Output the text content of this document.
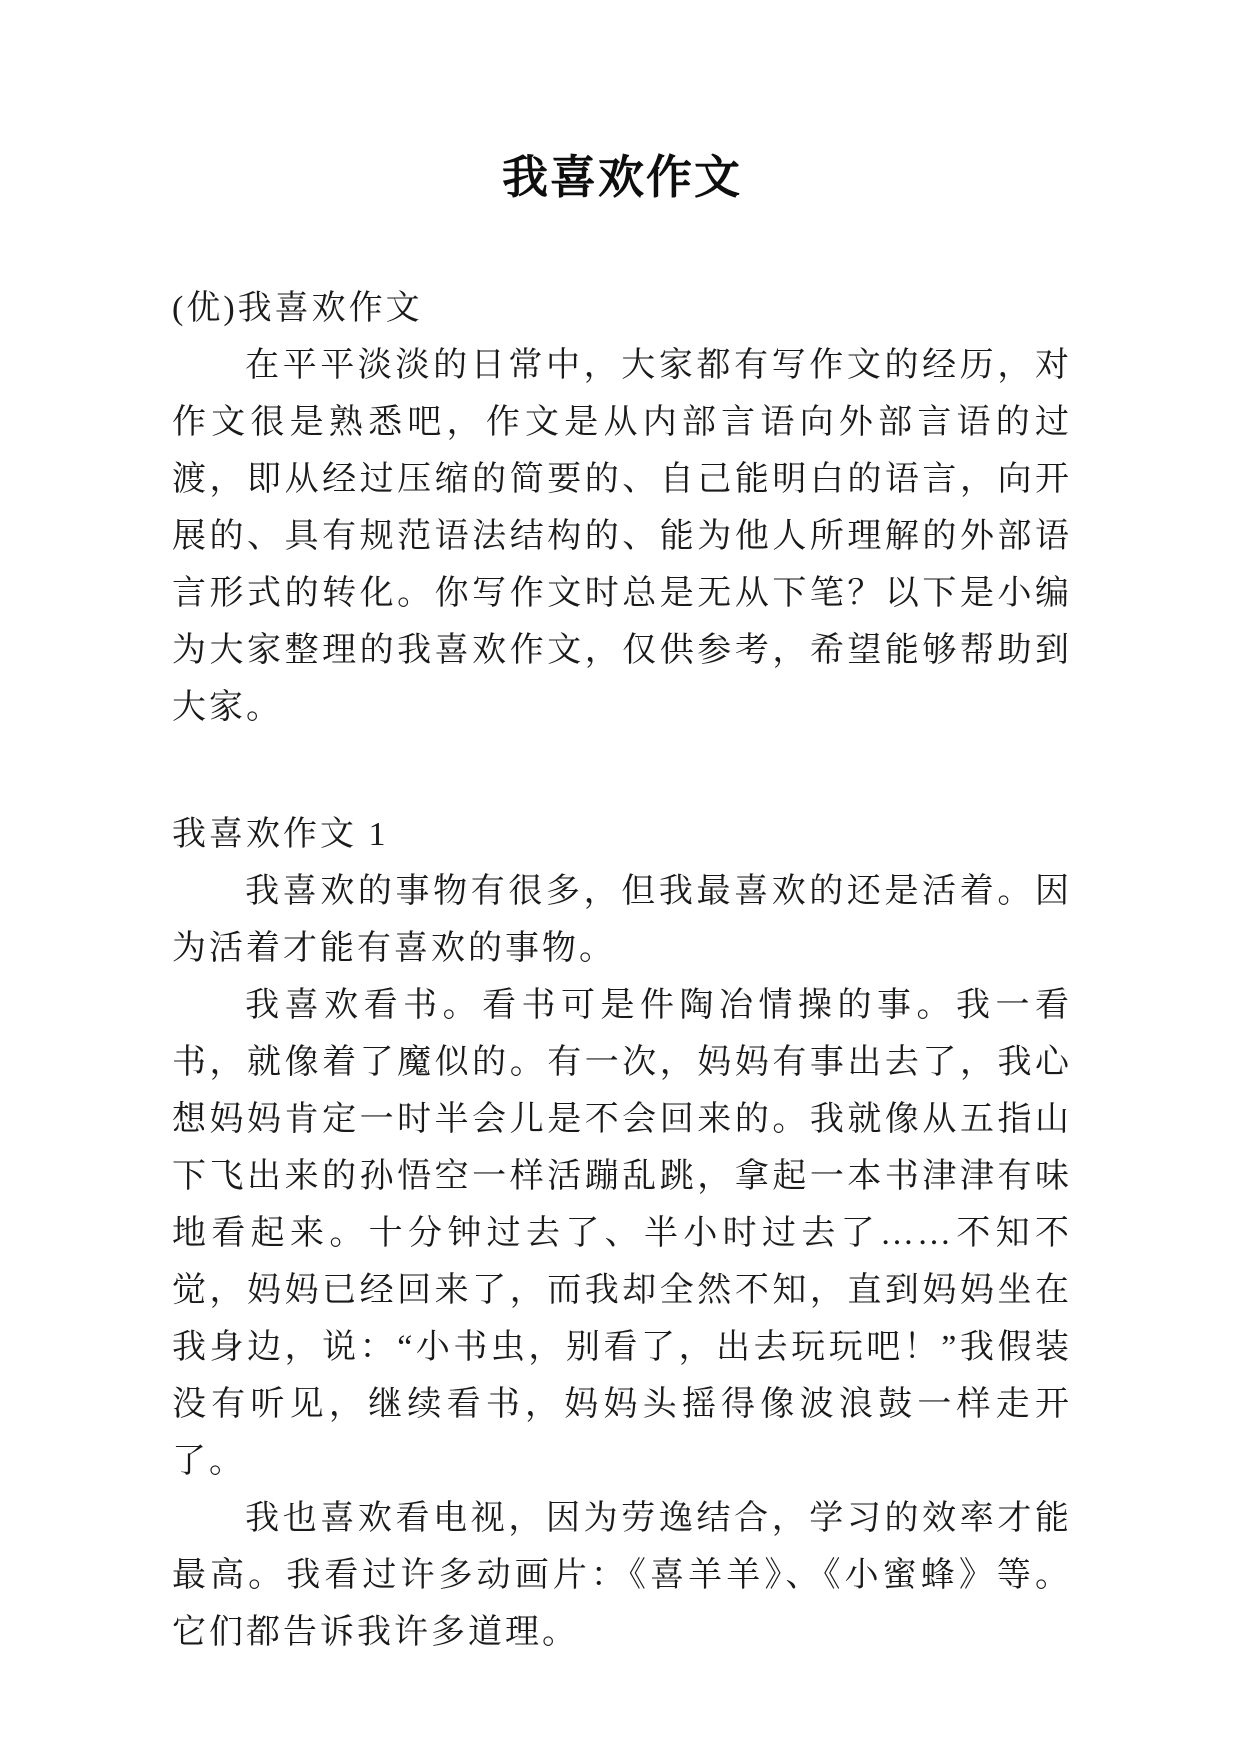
我喜欢作文

(优)我喜欢作文

在平平淡淡的日常中，大家都有写作文的经历，对作文很是熟悉吧，作文是从内部言语向外部言语的过渡，即从经过压缩的简要的、自己能明白的语言，向开展的、具有规范语法结构的、能为他人所理解的外部语言形式的转化。你写作文时总是无从下笔？以下是小编为大家整理的我喜欢作文，仅供参考，希望能够帮助到大家。

我喜欢作文 1

我喜欢的事物有很多，但我最喜欢的还是活着。因为活着才能有喜欢的事物。

我喜欢看书。看书可是件陶冶情操的事。我一看书，就像着了魔似的。有一次，妈妈有事出去了，我心想妈妈肯定一时半会儿是不会回来的。我就像从五指山下飞出来的孙悟空一样活蹦乱跳，拿起一本书津津有味地看起来。十分钟过去了、半小时过去了……不知不觉，妈妈已经回来了，而我却全然不知，直到妈妈坐在我身边，说：“小书虫，别看了，出去玩玩吧！”我假装没有听见，继续看书，妈妈头摇得像波浪鼓一样走开了。

我也喜欢看电视，因为劳逸结合，学习的效率才能最高。我看过许多动画片：《喜羊羊》、《小蜜蜂》等。它们都告诉我许多道理。
